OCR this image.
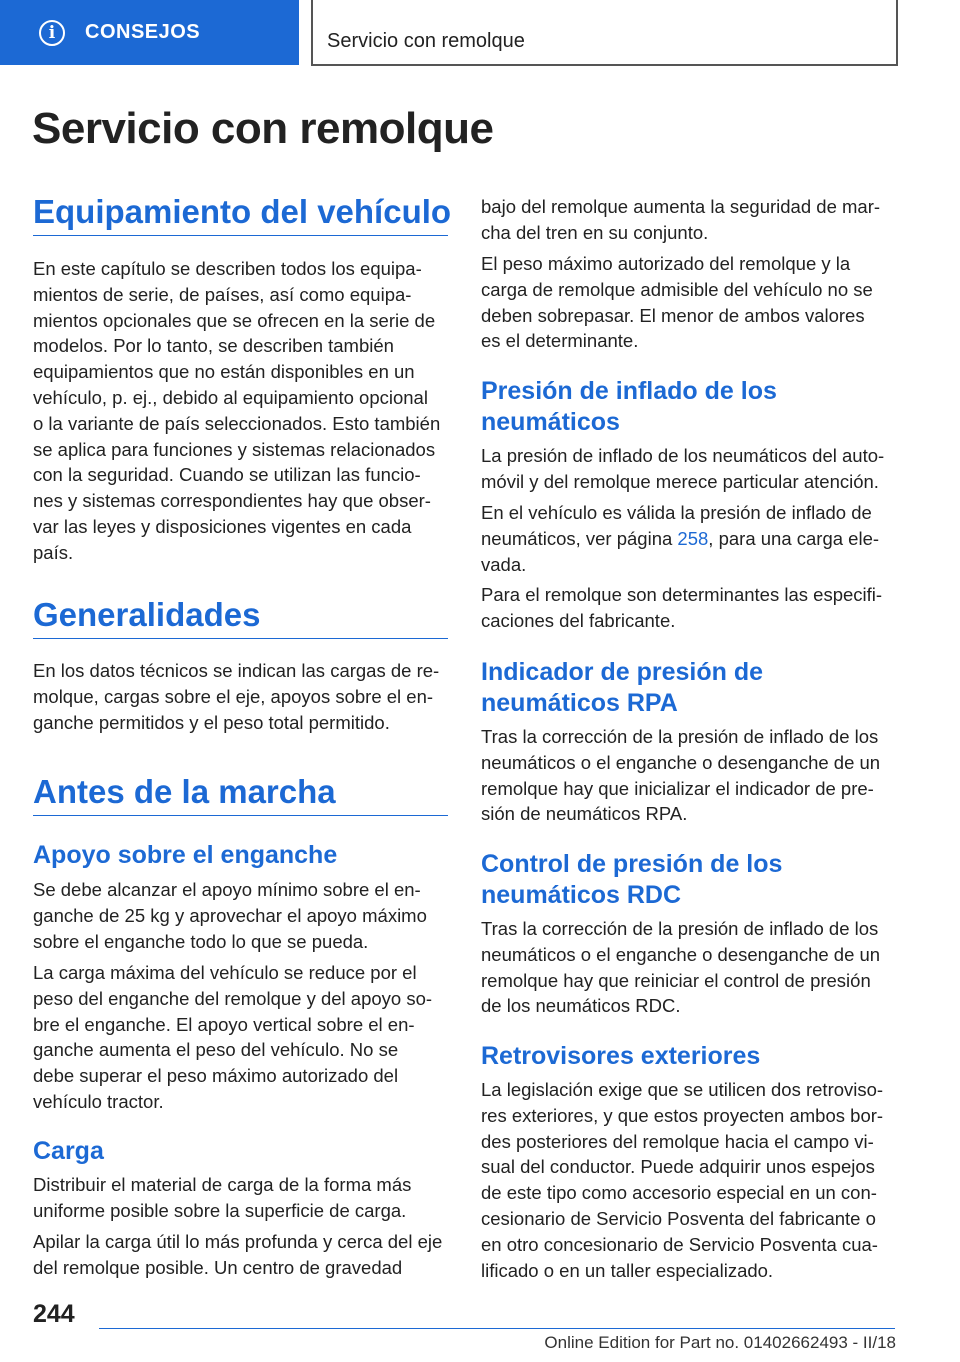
i	CONSEJOS	Servicio con remolque
Servicio con remolque
Equipamiento del vehículo

En este capítulo se describen todos los equipa-
mientos de serie, de países, así como equipa-
mientos opcionales que se ofrecen en la serie de
modelos. Por lo tanto, se describen también
equipamientos que no están disponibles en un
vehículo, p. ej., debido al equipamiento opcional
o la variante de país seleccionados. Esto también
se aplica para funciones y sistemas relacionados
con la seguridad. Cuando se utilizan las funcio-
nes y sistemas correspondientes hay que obser-
var las leyes y disposiciones vigentes en cada
país.

Generalidades

En los datos técnicos se indican las cargas de re-
molque, cargas sobre el eje, apoyos sobre el en-
ganche permitidos y el peso total permitido.

Antes de la marcha
Apoyo sobre el enganche

Se debe alcanzar el apoyo mínimo sobre el en-
ganche de 25 kg y aprovechar el apoyo máximo
sobre el enganche todo lo que se pueda.

La carga máxima del vehículo se reduce por el
peso del enganche del remolque y del apoyo so-
bre el enganche. El apoyo vertical sobre el en-
ganche aumenta el peso del vehículo. No se
debe superar el peso máximo autorizado del
vehículo tractor.

Carga

Distribuir el material de carga de la forma más
uniforme posible sobre la superficie de carga.

Apilar la carga útil lo más profunda y cerca del eje
del remolque posible. Un centro de gravedad

bajo del remolque aumenta la seguridad de mar-
cha del tren en su conjunto.

El peso máximo autorizado del remolque y la
carga de remolque admisible del vehículo no se
deben sobrepasar. El menor de ambos valores
es el determinante.

Presión de inflado de los
neumáticos

La presión de inflado de los neumáticos del auto-
móvil y del remolque merece particular atención.

En el vehículo es válida la presión de inflado de
neumáticos, ver página 258, para una carga ele-
vada.

Para el remolque son determinantes las especifi-
caciones del fabricante.

Indicador de presión de
neumáticos RPA

Tras la corrección de la presión de inflado de los
neumáticos o el enganche o desenganche de un
remolque hay que inicializar el indicador de pre-
sión de neumáticos RPA.

Control de presión de los
neumáticos RDC

Tras la corrección de la presión de inflado de los
neumáticos o el enganche o desenganche de un
remolque hay que reiniciar el control de presión
de los neumáticos RDC.

Retrovisores exteriores

La legislación exige que se utilicen dos retroviso-
res exteriores, y que estos proyecten ambos bor-
des posteriores del remolque hacia el campo vi-
sual del conductor. Puede adquirir unos espejos
de este tipo como accesorio especial en un con-
cesionario de Servicio Posventa del fabricante o
en otro concesionario de Servicio Posventa cua-
lificado o en un taller especializado.

244
Online Edition for Part no. 01402662493 - II/18
